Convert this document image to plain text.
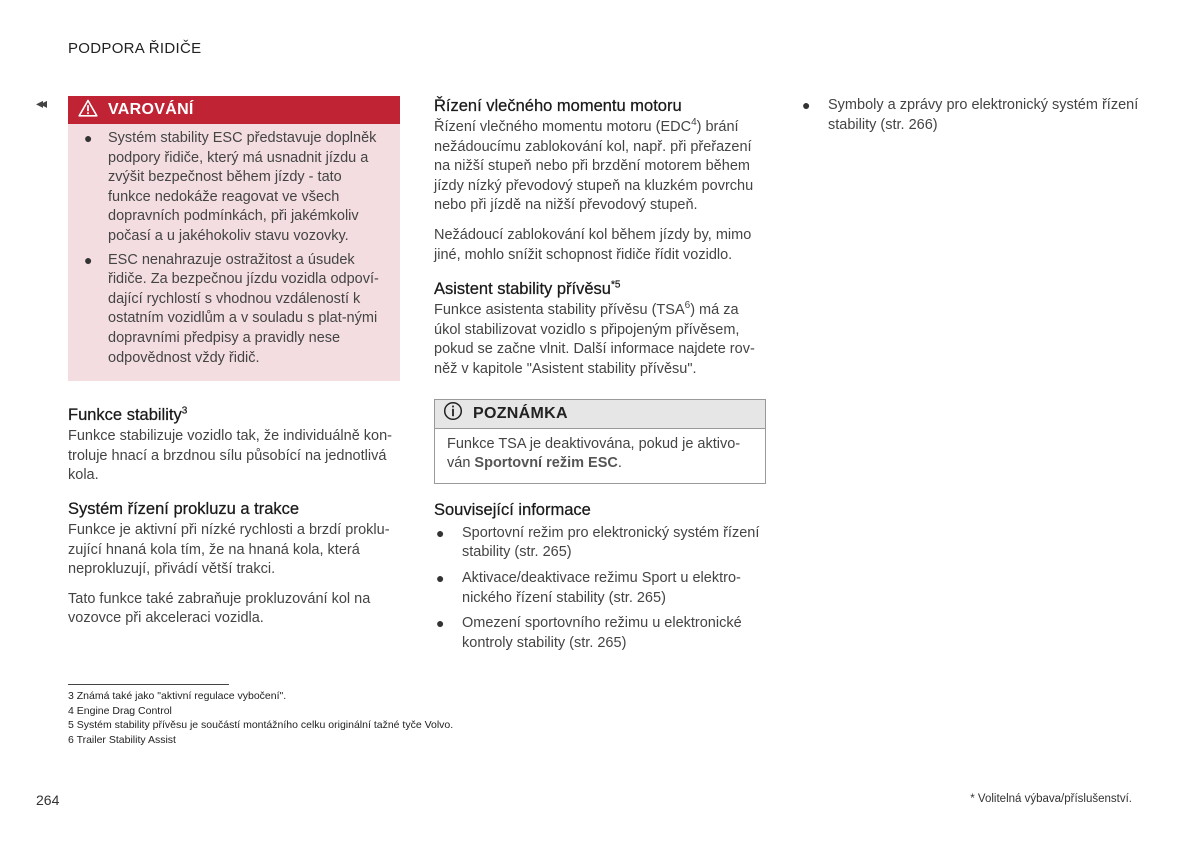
PODPORA ŘIDIČE
◂◂	VAROVÁNÍ
● Systém stability ESC představuje doplněk podpory řidiče, který má usnadnit jízdu a zvýšit bezpečnost během jízdy - tato funkce nedokáže reagovat ve všech dopravních podmínkách, při jakémkoliv počasí a u jakéhokoliv stavu vozovky.
● ESC nenahrazuje ostražitost a úsudek řidiče. Za bezpečnou jízdu vozidla odpoví-dající rychlostí s vhodnou vzdáleností k ostatním vozidlům a v souladu s plat-nými dopravními předpisy a pravidly nese odpovědnost vždy řidič.
Funkce stability$^3$

Funkce stabilizuje vozidlo tak, že individuálně kon-troluje hnací a brzdnou sílu působící na jednotlivá kola.

Systém řízení prokluzu a trakce

Funkce je aktivní při nízké rychlosti a brzdí proklu-zující hnaná kola tím, že na hnaná kola, která neprokluzují, přivádí větší trakci.

Tato funkce také zabraňuje prokluzování kol na vozovce při akceleraci vozidla.

Řízení vlečného momentu motoru

Řízení vlečného momentu motoru (EDC$^4$) brání nežádoucímu zablokování kol, např. při přeřazení na nižší stupeň nebo při brzdění motorem během jízdy nízký převodový stupeň na kluzkém povrchu nebo při jízdě na nižší převodový stupeň.

Nežádoucí zablokování kol během jízdy by, mimo jiné, mohlo snížit schopnost řidiče řídit vozidlo.

Asistent stability přívěsu$^{*5}$

Funkce asistenta stability přívěsu (TSA$^6$) má za úkol stabilizovat vozidlo s připojeným přívěsem, pokud se začne vlnit. Další informace najdete rov-něž v kapitole "Asistent stability přívěsu".

POZNÁMKA
Funkce TSA je deaktivována, pokud je aktivo-ván Sportovní režim ESC.
Související informace
● Sportovní režim pro elektronický systém řízení stability (str. 265)
● Aktivace/deaktivace režimu Sport u elektro-nického řízení stability (str. 265)
● Omezení sportovního režimu u elektronické kontroly stability (str. 265)
● Symboly a zprávy pro elektronický systém řízení stability (str. 266)
3 Známá také jako "aktivní regulace vybočení".
4 Engine Drag Control
5 Systém stability přívěsu je součástí montážního celku originální tažné tyče Volvo.
6 Trailer Stability Assist
264	* Volitelná výbava/příslušenství.
